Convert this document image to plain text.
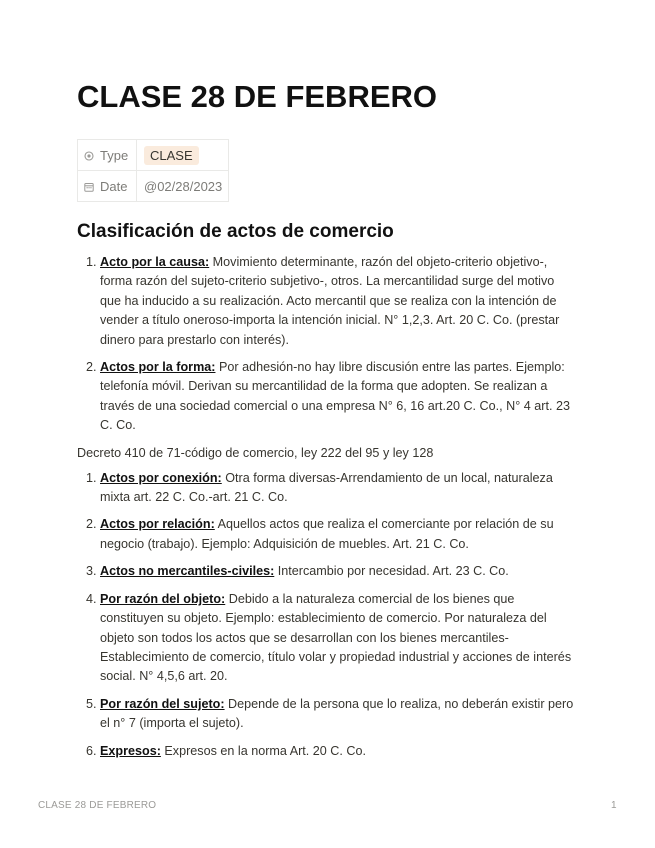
CLASE 28 DE FEBRERO
Type	CLASE
Date	@02/28/2023
Clasificación de actos de comercio
1. Acto por la causa: Movimiento determinante, razón del objeto-criterio objetivo-, forma razón del sujeto-criterio subjetivo-, otros. La mercantilidad surge del motivo que ha inducido a su realización. Acto mercantil que se realiza con la intención de vender a título oneroso-importa la intención inicial. N° 1,2,3. Art. 20 C. Co. (prestar dinero para prestarlo con interés).
2. Actos por la forma: Por adhesión-no hay libre discusión entre las partes. Ejemplo: telefonía móvil. Derivan su mercantilidad de la forma que adopten. Se realizan a través de una sociedad comercial o una empresa N° 6, 16 art.20 C. Co., N° 4 art. 23 C. Co.

Decreto 410 de 71-código de comercio, ley 222 del 95 y ley 128

1. Actos por conexión: Otra forma diversas-Arrendamiento de un local, naturaleza mixta art. 22 C. Co.-art. 21 C. Co.
2. Actos por relación: Aquellos actos que realiza el comerciante por relación de su negocio (trabajo). Ejemplo: Adquisición de muebles. Art. 21 C. Co.
3. Actos no mercantiles-civiles: Intercambio por necesidad. Art. 23 C. Co.
4. Por razón del objeto: Debido a la naturaleza comercial de los bienes que constituyen su objeto. Ejemplo: establecimiento de comercio. Por naturaleza del objeto son todos los actos que se desarrollan con los bienes mercantiles-Establecimiento de comercio, título volar y propiedad industrial y acciones de interés social. N° 4,5,6 art. 20.
5. Por razón del sujeto: Depende de la persona que lo realiza, no deberán existir pero el n° 7 (importa el sujeto).
6. Expresos: Expresos en la norma Art. 20 C. Co.
CLASE 28 DE FEBRERO	1
